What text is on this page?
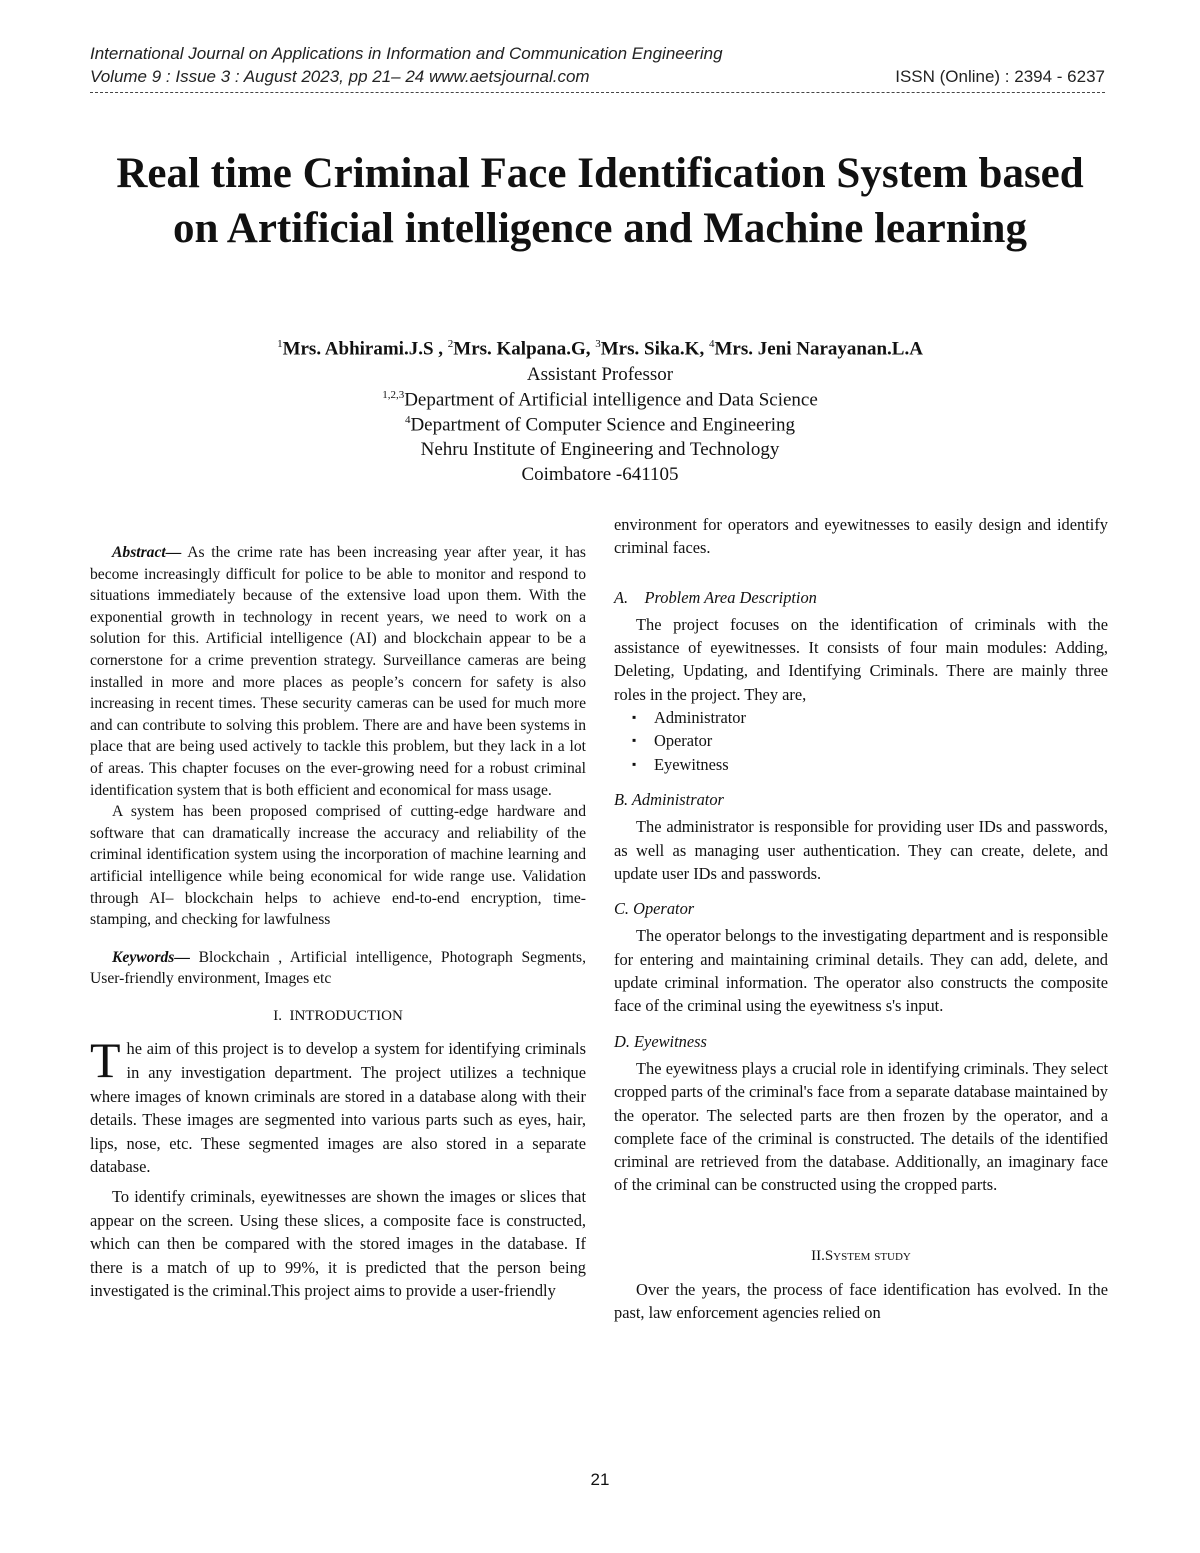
International Journal on Applications in Information and Communication Engineering
Volume 9 : Issue 3 : August 2023, pp 21– 24 www.aetsjournal.com	ISSN (Online) : 2394 - 6237
Real time Criminal Face Identification System based on Artificial intelligence and Machine learning
$^1$Mrs. Abhirami.J.S , $^2$Mrs. Kalpana.G, $^3$Mrs. Sika.K, $^4$Mrs. Jeni Narayanan.L.A
Assistant Professor
$^{1,2,3}$Department of Artificial intelligence and Data Science
$^4$Department of Computer Science and Engineering
Nehru Institute of Engineering and Technology
Coimbatore -641105

Abstract— As the crime rate has been increasing year after year, it has become increasingly difficult for police to be able to monitor and respond to situations immediately because of the extensive load upon them. With the exponential growth in technology in recent years, we need to work on a solution for this. Artificial intelligence (AI) and blockchain appear to be a cornerstone for a crime prevention strategy. Surveillance cameras are being installed in more and more places as people’s concern for safety is also increasing in recent times. These security cameras can be used for much more and can contribute to solving this problem. There are and have been systems in place that are being used actively to tackle this problem, but they lack in a lot of areas. This chapter focuses on the ever-growing need for a robust criminal identification system that is both efficient and economical for mass usage.

A system has been proposed comprised of cutting-edge hardware and software that can dramatically increase the accuracy and reliability of the criminal identification system using the incorporation of machine learning and artificial intelligence while being economical for wide range use. Validation through AI– blockchain helps to achieve end-to-end encryption, time-stamping, and checking for lawfulness

Keywords— Blockchain , Artificial intelligence, Photograph Segments, User-friendly environment, Images etc

I. INTRODUCTION

The aim of this project is to develop a system for identifying criminals in any investigation department. The project utilizes a technique where images of known criminals are stored in a database along with their details. These images are segmented into various parts such as eyes, hair, lips, nose, etc. These segmented images are also stored in a separate database.

To identify criminals, eyewitnesses are shown the images or slices that appear on the screen. Using these slices, a composite face is constructed, which can then be compared with the stored images in the database. If there is a match of up to 99%, it is predicted that the person being investigated is the criminal.This project aims to provide a user-friendly

environment for operators and eyewitnesses to easily design and identify criminal faces.

A. Problem Area Description

The project focuses on the identification of criminals with the assistance of eyewitnesses. It consists of four main modules: Adding, Deleting, Updating, and Identifying Criminals. There are mainly three roles in the project. They are,

▪ Administrator
▪ Operator
▪ Eyewitness
B. Administrator

The administrator is responsible for providing user IDs and passwords, as well as managing user authentication. They can create, delete, and update user IDs and passwords.

C. Operator

The operator belongs to the investigating department and is responsible for entering and maintaining criminal details. They can add, delete, and update criminal information. The operator also constructs the composite face of the criminal using the eyewitness s's input.

D. Eyewitness

The eyewitness plays a crucial role in identifying criminals. They select cropped parts of the criminal's face from a separate database maintained by the operator. The selected parts are then frozen by the operator, and a complete face of the criminal is constructed. The details of the identified criminal are retrieved from the database. Additionally, an imaginary face of the criminal can be constructed using the cropped parts.

II.System study

Over the years, the process of face identification has evolved. In the past, law enforcement agencies relied on

21
